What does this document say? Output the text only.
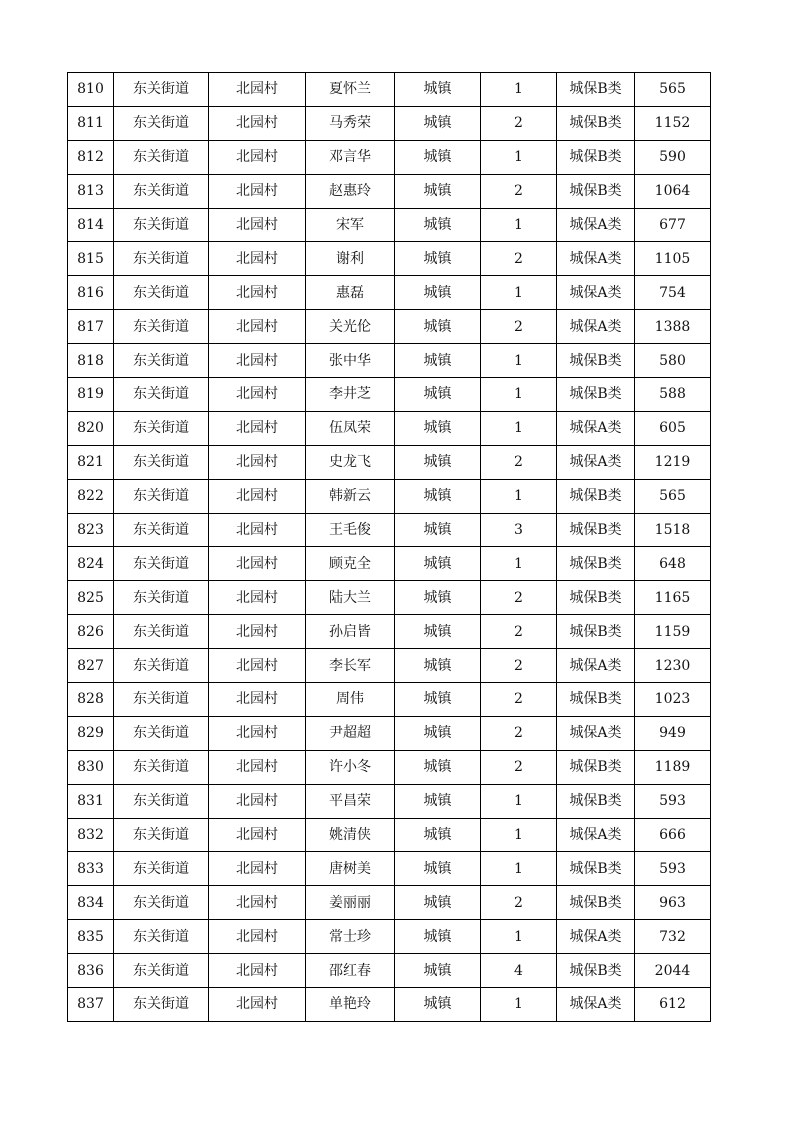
810	东关街道	北园村	夏怀兰	城镇	1	城保B类	565
811	东关街道	北园村	马秀荣	城镇	2	城保B类	1152
812	东关街道	北园村	邓言华	城镇	1	城保B类	590
813	东关街道	北园村	赵惠玲	城镇	2	城保B类	1064
814	东关街道	北园村	宋军	城镇	1	城保A类	677
815	东关街道	北园村	谢利	城镇	2	城保A类	1105
816	东关街道	北园村	惠磊	城镇	1	城保A类	754
817	东关街道	北园村	关光伦	城镇	2	城保A类	1388
818	东关街道	北园村	张中华	城镇	1	城保B类	580
819	东关街道	北园村	李井芝	城镇	1	城保B类	588
820	东关街道	北园村	伍凤荣	城镇	1	城保A类	605
821	东关街道	北园村	史龙飞	城镇	2	城保A类	1219
822	东关街道	北园村	韩新云	城镇	1	城保B类	565
823	东关街道	北园村	王毛俊	城镇	3	城保B类	1518
824	东关街道	北园村	顾克全	城镇	1	城保B类	648
825	东关街道	北园村	陆大兰	城镇	2	城保B类	1165
826	东关街道	北园村	孙启皆	城镇	2	城保B类	1159
827	东关街道	北园村	李长军	城镇	2	城保A类	1230
828	东关街道	北园村	周伟	城镇	2	城保B类	1023
829	东关街道	北园村	尹超超	城镇	2	城保A类	949
830	东关街道	北园村	许小冬	城镇	2	城保B类	1189
831	东关街道	北园村	平昌荣	城镇	1	城保B类	593
832	东关街道	北园村	姚清侠	城镇	1	城保A类	666
833	东关街道	北园村	唐树美	城镇	1	城保B类	593
834	东关街道	北园村	姜丽丽	城镇	2	城保B类	963
835	东关街道	北园村	常士珍	城镇	1	城保A类	732
836	东关街道	北园村	邵红春	城镇	4	城保B类	2044
837	东关街道	北园村	单艳玲	城镇	1	城保A类	612
